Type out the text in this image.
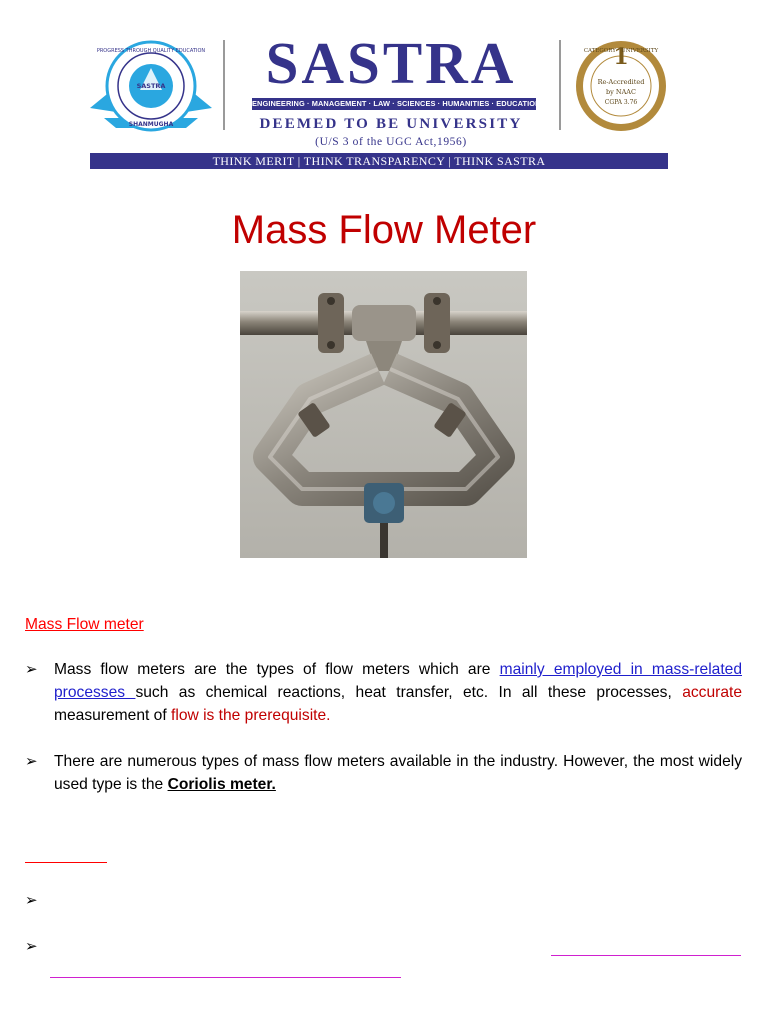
SASTRA
PROGRESS THROUGH QUALITY EDUCATION
SHANMUGHA
SASTRA
ENGINEERING · MANAGEMENT · LAW · SCIENCES · HUMANITIES · EDUCATION
DEEMED TO BE UNIVERSITY
(U/S 3 of the UGC Act,1956)
1
CATEGORY · UNIVERSITY
Re-Accredited
by NAAC
CGPA 3.76
THINK MERIT | THINK TRANSPARENCY | THINK SASTRA
Mass Flow Meter
Mass Flow meter
➢ Mass flow meters are the types of flow meters which are mainly employed in mass-related processes such as chemical reactions, heat transfer, etc. In all these processes, accurate measurement of flow is the prerequisite.
➢ There are numerous types of mass flow meters available in the industry. However, the most widely used type is the Coriolis meter.
➢
➢
